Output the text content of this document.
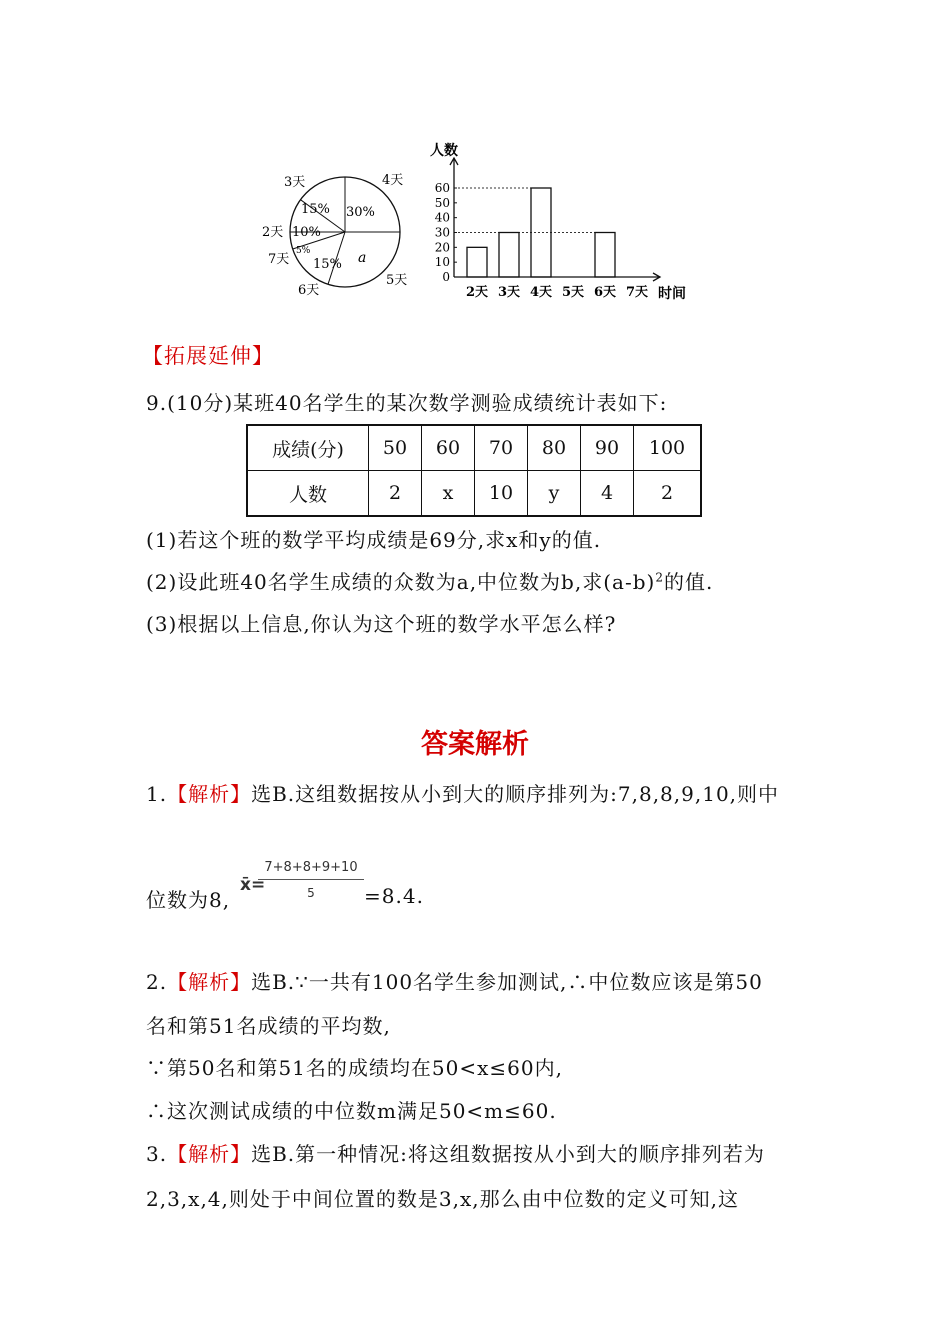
3天	4天
2天
7天
6天
5天
15% 30%
10%
5%
15% a
人数
时间
0
10
20
30
40
50
60
2天 3天 4天 5天 6天 7天
【拓展延伸】
9.(10分)某班40名学生的某次数学测验成绩统计表如下:
成绩(分)	50	60	70	80	90	100
人数	2	x	10	y	4	2
(1)若这个班的数学平均成绩是69分,求x和y的值.
(2)设此班40名学生成绩的众数为a,中位数为b,求$(a-b)^2$的值.
(3)根据以上信息,你认为这个班的数学水平怎么样?
答案解析
1.【解析】选B.这组数据按从小到大的顺序排列为:7,8,8,9,10,则中
位数为8,
x̄=
$\frac{7+8+8+9+10}{5} =8.4$.
2.【解析】选B.∵一共有100名学生参加测试,∴中位数应该是第50
名和第51名成绩的平均数,
∵第50名和第51名的成绩均在50<x≤60内,
∴这次测试成绩的中位数m满足50<m≤60.
3.【解析】选B.第一种情况:将这组数据按从小到大的顺序排列若为
2,3,x,4,则处于中间位置的数是3,x,那么由中位数的定义可知,这
